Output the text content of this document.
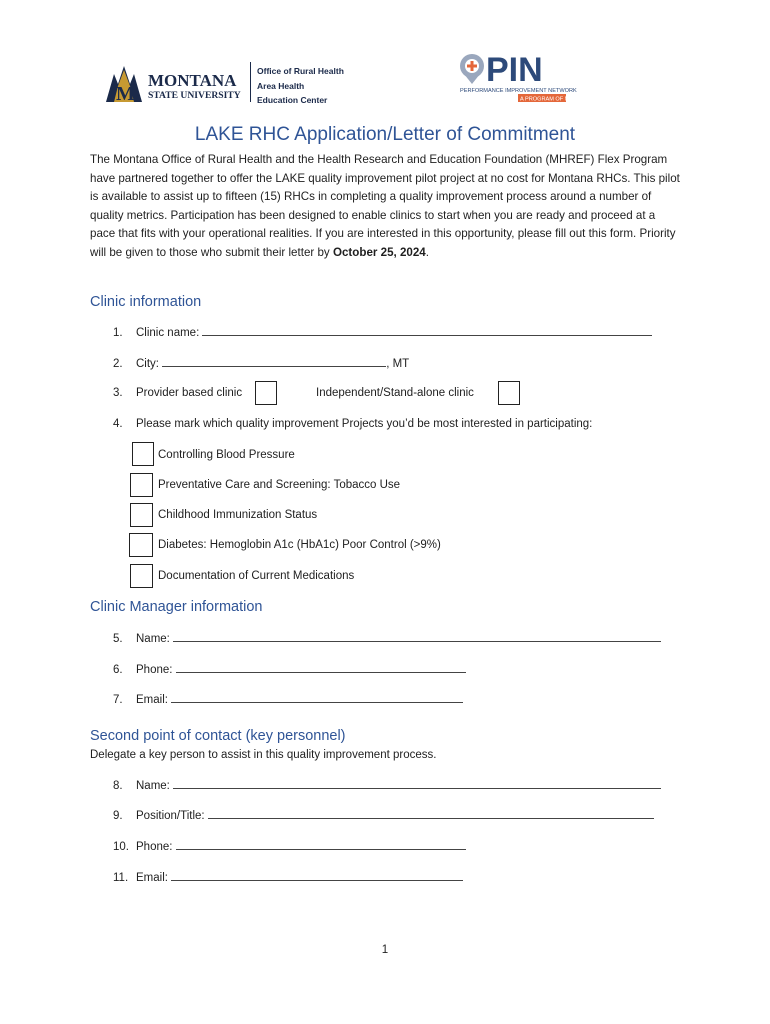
M
MONTANA
STATE UNIVERSITY
Office of Rural Health
Area Health
Education Center
PIN
PERFORMANCE IMPROVEMENT NETWORK
A PROGRAM OF MHA
LAKE RHC Application/Letter of Commitment
The Montana Office of Rural Health and the Health Research and Education Foundation (MHREF) Flex Program have partnered together to offer the LAKE quality improvement pilot project at no cost for Montana RHCs. This pilot is available to assist up to fifteen (15) RHCs in completing a quality improvement process around a number of quality metrics. Participation has been designed to enable clinics to start when you are ready and proceed at a pace that fits with your operational realities. If you are interested in this opportunity, please fill out this form. Priority will be given to those who submit their letter by October 25, 2024.
Clinic information
1. Clinic name:
2. City:	, MT
3. Provider based clinic	Independent/Stand-alone clinic
4. Please mark which quality improvement Projects you’d be most interested in participating:
Controlling Blood Pressure
Preventative Care and Screening: Tobacco Use
Childhood Immunization Status
Diabetes: Hemoglobin A1c (HbA1c) Poor Control (>9%)
Documentation of Current Medications
Clinic Manager information
5. Name:
6. Phone:
7. Email:
Second point of contact (key personnel)
Delegate a key person to assist in this quality improvement process.
8. Name:
9. Position/Title:
10. Phone:
11. Email:
1
